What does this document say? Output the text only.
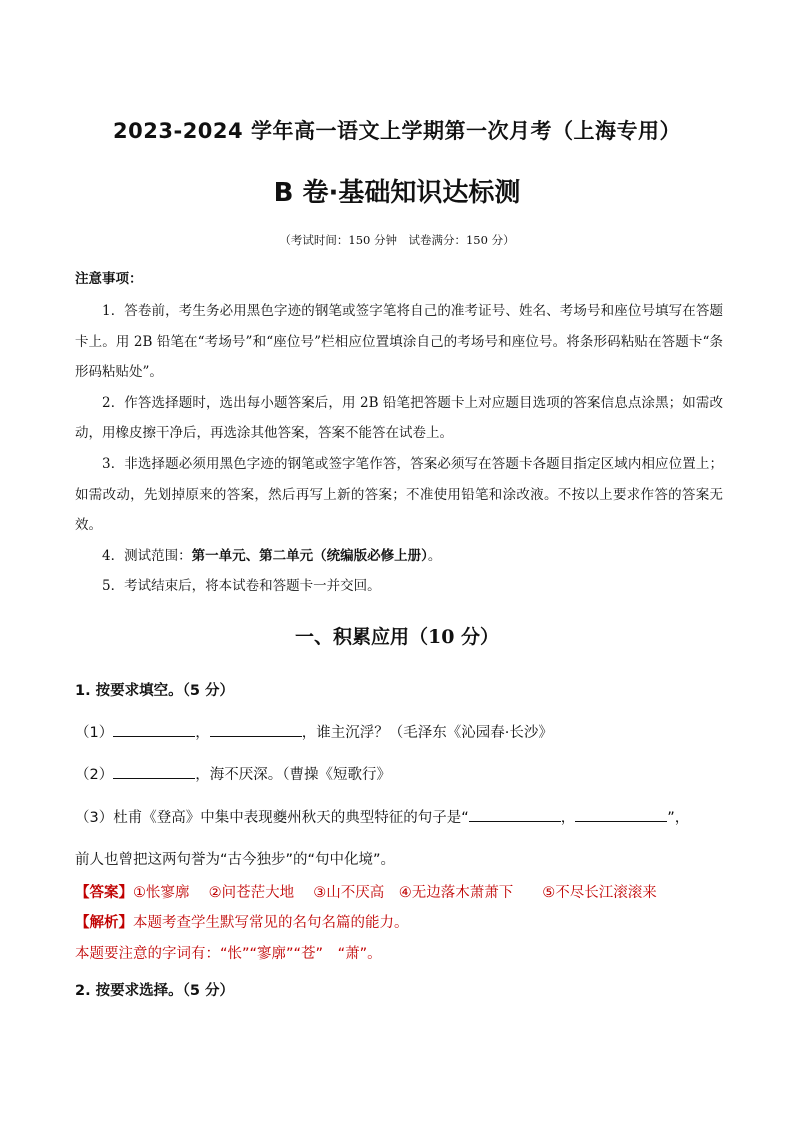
2023-2024 学年高一语文上学期第一次月考（上海专用）
B 卷·基础知识达标测
（考试时间：150 分钟　试卷满分：150 分）
注意事项：

1．答卷前，考生务必用黑色字迹的钢笔或签字笔将自己的准考证号、姓名、考场号和座位号填写在答题卡上。用 2B 铅笔在“考场号”和“座位号”栏相应位置填涂自己的考场号和座位号。将条形码粘贴在答题卡“条形码粘贴处”。

2．作答选择题时，选出每小题答案后，用 2B 铅笔把答题卡上对应题目选项的答案信息点涂黑；如需改动，用橡皮擦干净后，再选涂其他答案，答案不能答在试卷上。

3．非选择题必须用黑色字迹的钢笔或签字笔作答，答案必须写在答题卡各题目指定区域内相应位置上；如需改动，先划掉原来的答案，然后再写上新的答案；不准使用铅笔和涂改液。不按以上要求作答的答案无效。

4．测试范围：第一单元、第二单元（统编版必修上册）。

5．考试结束后，将本试卷和答题卡一并交回。

一、积累应用（10 分）
1. 按要求填空。（5 分）
（1）	，	，谁主沉浮？（毛泽东《沁园春·长沙》
（2）	，海不厌深。（曹操《短歌行》
（3）杜甫《登高》中集中表现夔州秋天的典型特征的句子是“	，	”，
前人也曾把这两句誉为“古今独步”的“句中化境”。
【答案】①怅寥廓　 ②问苍茫大地　 ③山不厌高　④无边落木萧萧下　　⑤不尽长江滚滚来
【解析】本题考查学生默写常见的名句名篇的能力。
本题要注意的字词有：“怅”“寥廓”“苍”　“萧”。
2. 按要求选择。（5 分）
